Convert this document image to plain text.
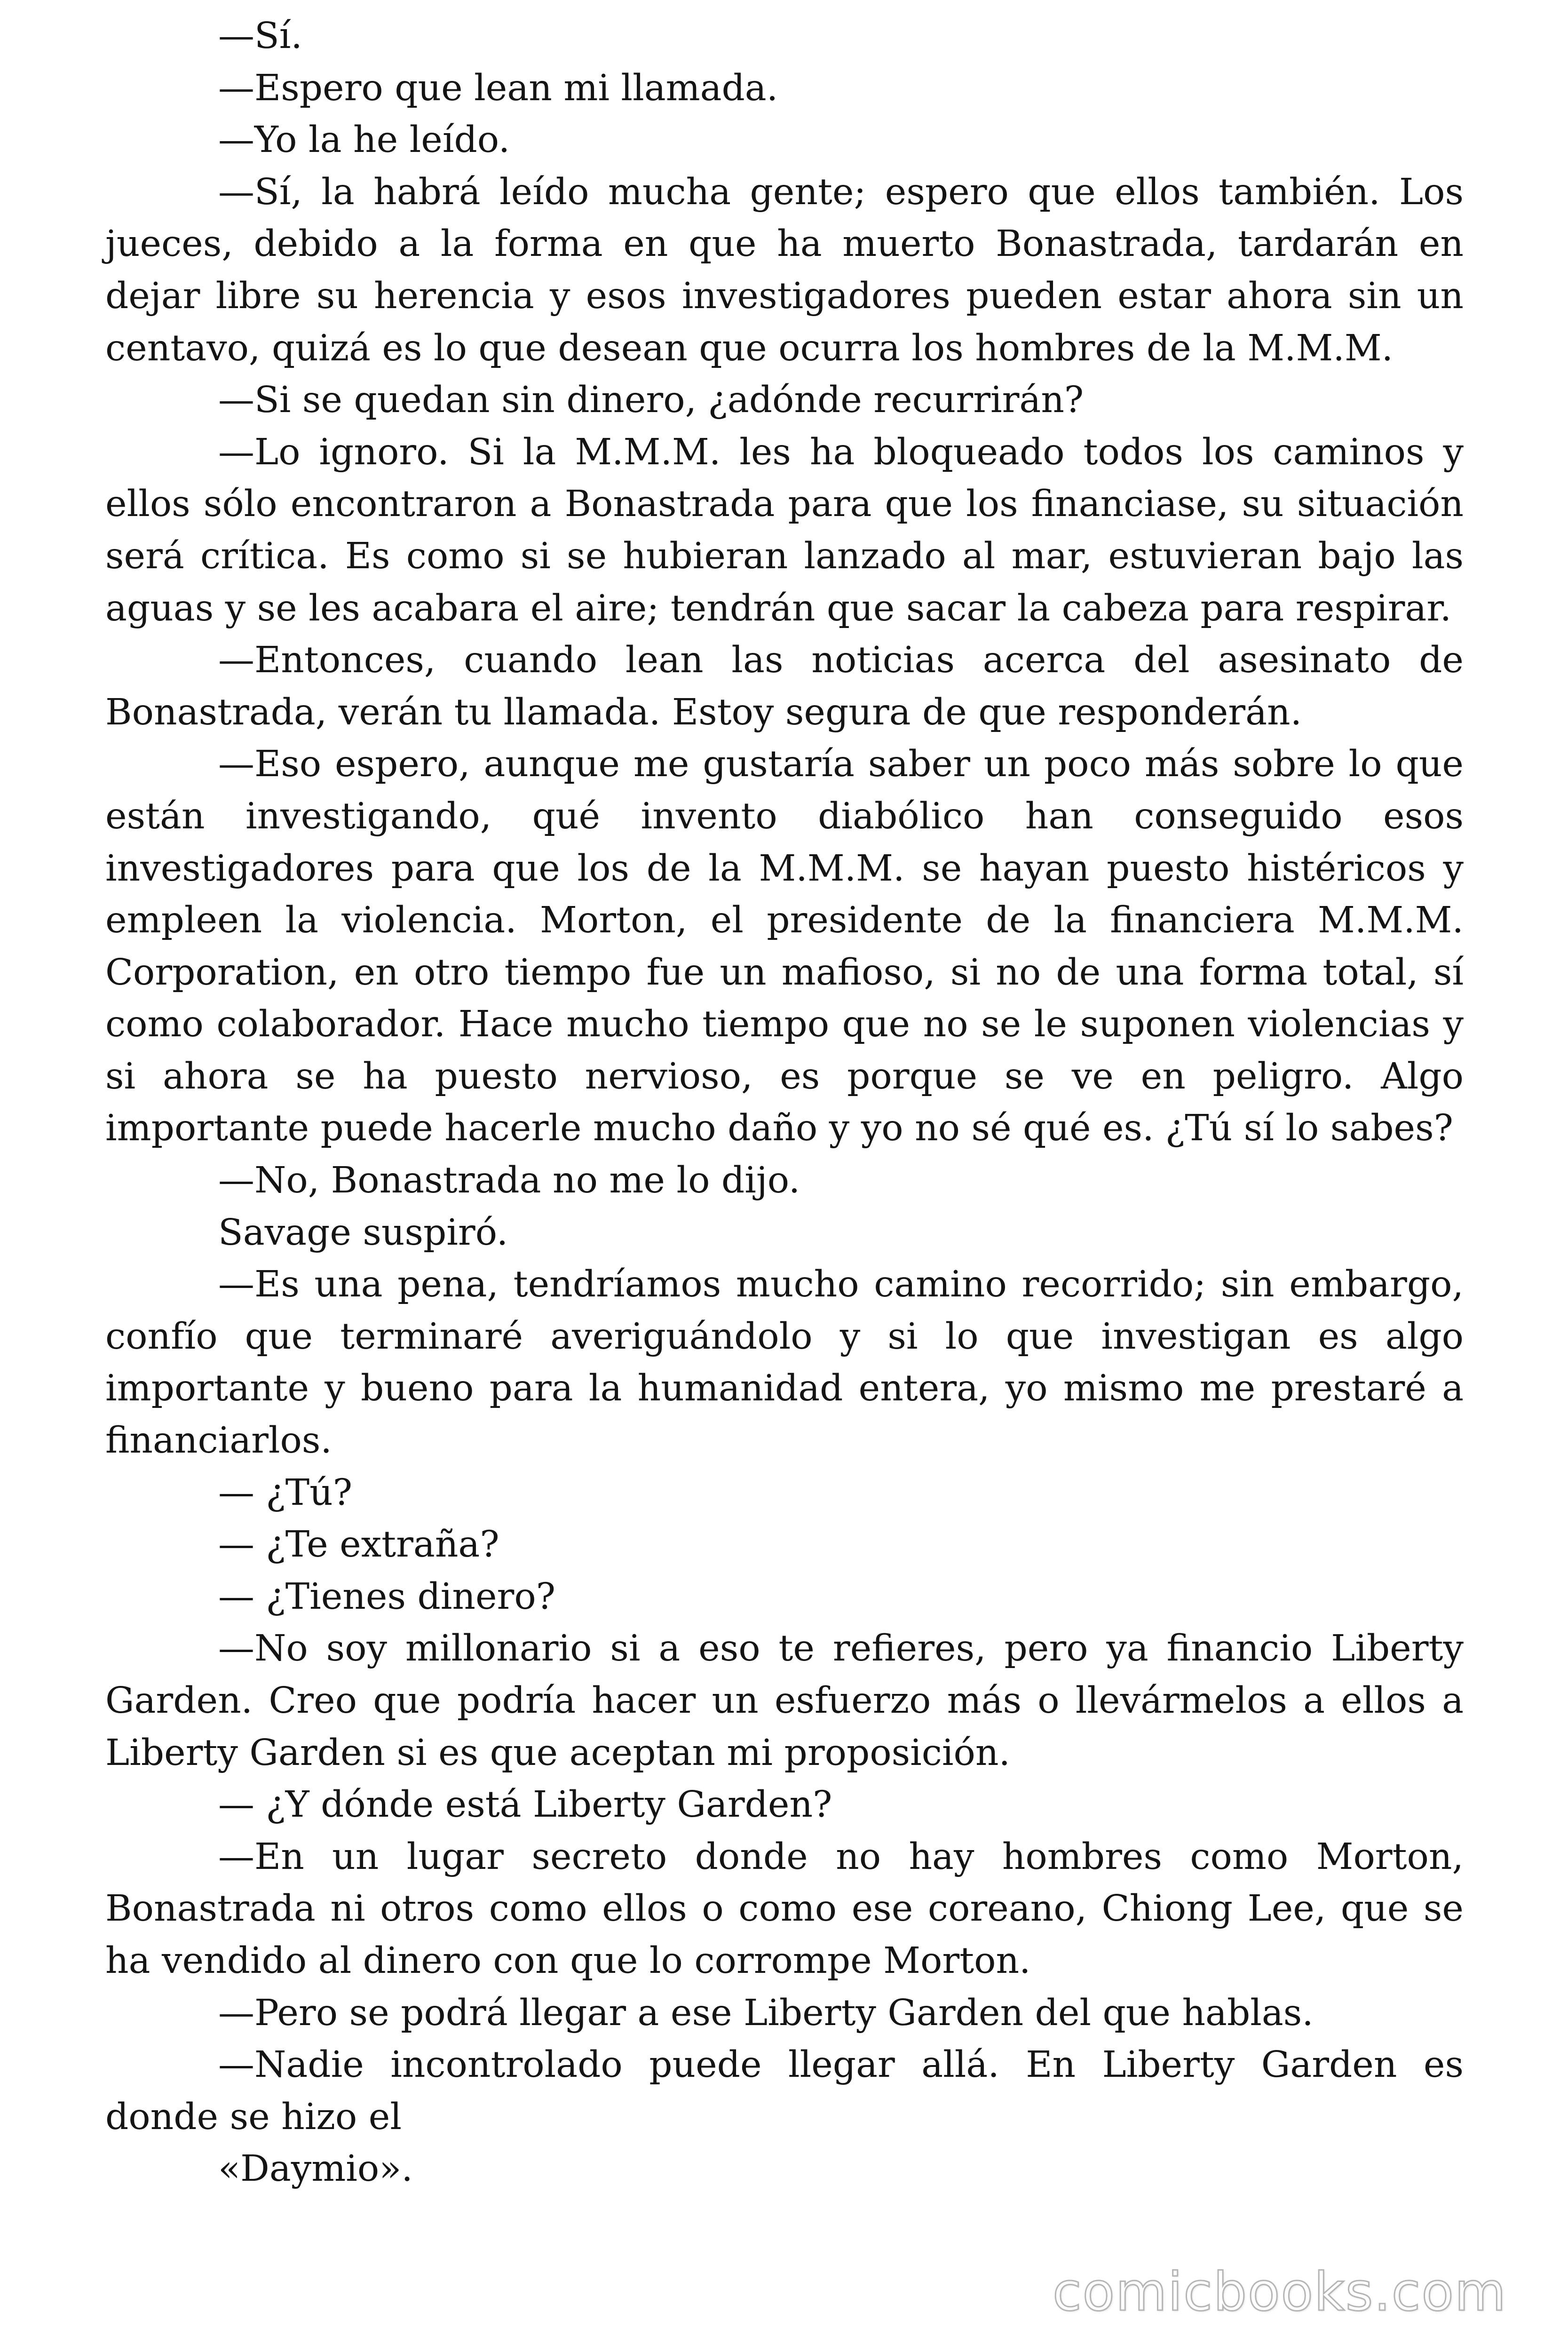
—Sí.

—Espero que lean mi llamada.

—Yo la he leído.

—Sí, la habrá leído mucha gente; espero que ellos también. Los jueces, debido a la forma en que ha muerto Bonastrada, tardarán en dejar libre su herencia y esos investigadores pueden estar ahora sin un centavo, quizá es lo que desean que ocurra los hombres de la M.M.M.

—Si se quedan sin dinero, ¿adónde recurrirán?

—Lo ignoro. Si la M.M.M. les ha bloqueado todos los caminos y ellos sólo encontraron a Bonastrada para que los financiase, su situación será crítica. Es como si se hubieran lanzado al mar, estuvieran bajo las aguas y se les acabara el aire; tendrán que sacar la cabeza para respirar.

—Entonces, cuando lean las noticias acerca del asesinato de Bonastrada, verán tu llamada. Estoy segura de que responderán.

—Eso espero, aunque me gustaría saber un poco más sobre lo que están investigando, qué invento diabólico han conseguido esos investigadores para que los de la M.M.M. se hayan puesto histéricos y empleen la violencia. Morton, el presidente de la financiera M.M.M. Corporation, en otro tiempo fue un mafioso, si no de una forma total, sí como colaborador. Hace mucho tiempo que no se le suponen violencias y si ahora se ha puesto nervioso, es porque se ve en peligro. Algo importante puede hacerle mucho daño y yo no sé qué es. ¿Tú sí lo sabes?

—No, Bonastrada no me lo dijo.

Savage suspiró.

—Es una pena, tendríamos mucho camino recorrido; sin embargo, confío que terminaré averiguándolo y si lo que investigan es algo importante y bueno para la humanidad entera, yo mismo me prestaré a financiarlos.

— ¿Tú?

— ¿Te extraña?

— ¿Tienes dinero?

—No soy millonario si a eso te refieres, pero ya financio Liberty Garden. Creo que podría hacer un esfuerzo más o llevármelos a ellos a Liberty Garden si es que aceptan mi proposición.

— ¿Y dónde está Liberty Garden?

—En un lugar secreto donde no hay hombres como Morton, Bonastrada ni otros como ellos o como ese coreano, Chiong Lee, que se ha vendido al dinero con que lo corrompe Morton.

—Pero se podrá llegar a ese Liberty Garden del que hablas.

—Nadie incontrolado puede llegar allá. En Liberty Garden es donde se hizo el

«Daymio».

comicbooks.com
